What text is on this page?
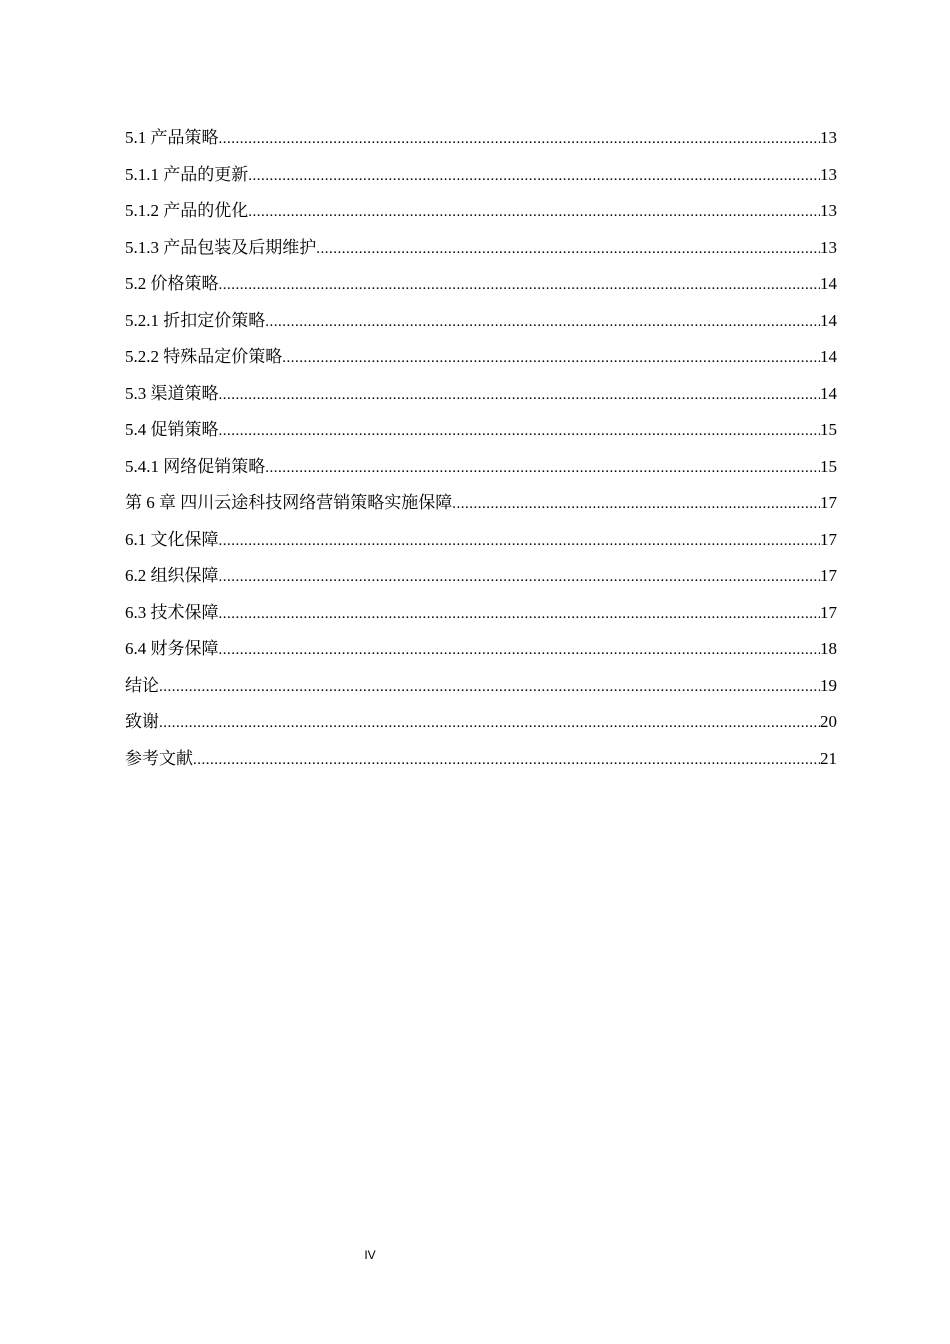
5.1 产品策略 .....	13
5.1.1 产品的更新 .....	13
5.1.2 产品的优化 .....	13
5.1.3 产品包装及后期维护 .....	13
5.2 价格策略 .....	14
5.2.1 折扣定价策略 .....	14
5.2.2 特殊品定价策略 .....	14
5.3 渠道策略 .....	14
5.4 促销策略 .....	15
5.4.1 网络促销策略 .....	15
第 6 章 四川云途科技网络营销策略实施保障 .....	17
6.1 文化保障 .....	17
6.2 组织保障 .....	17
6.3 技术保障 .....	17
6.4 财务保障 .....	18
结论 .....	19
致谢 .....	20
参考文献 .....	21
IV
